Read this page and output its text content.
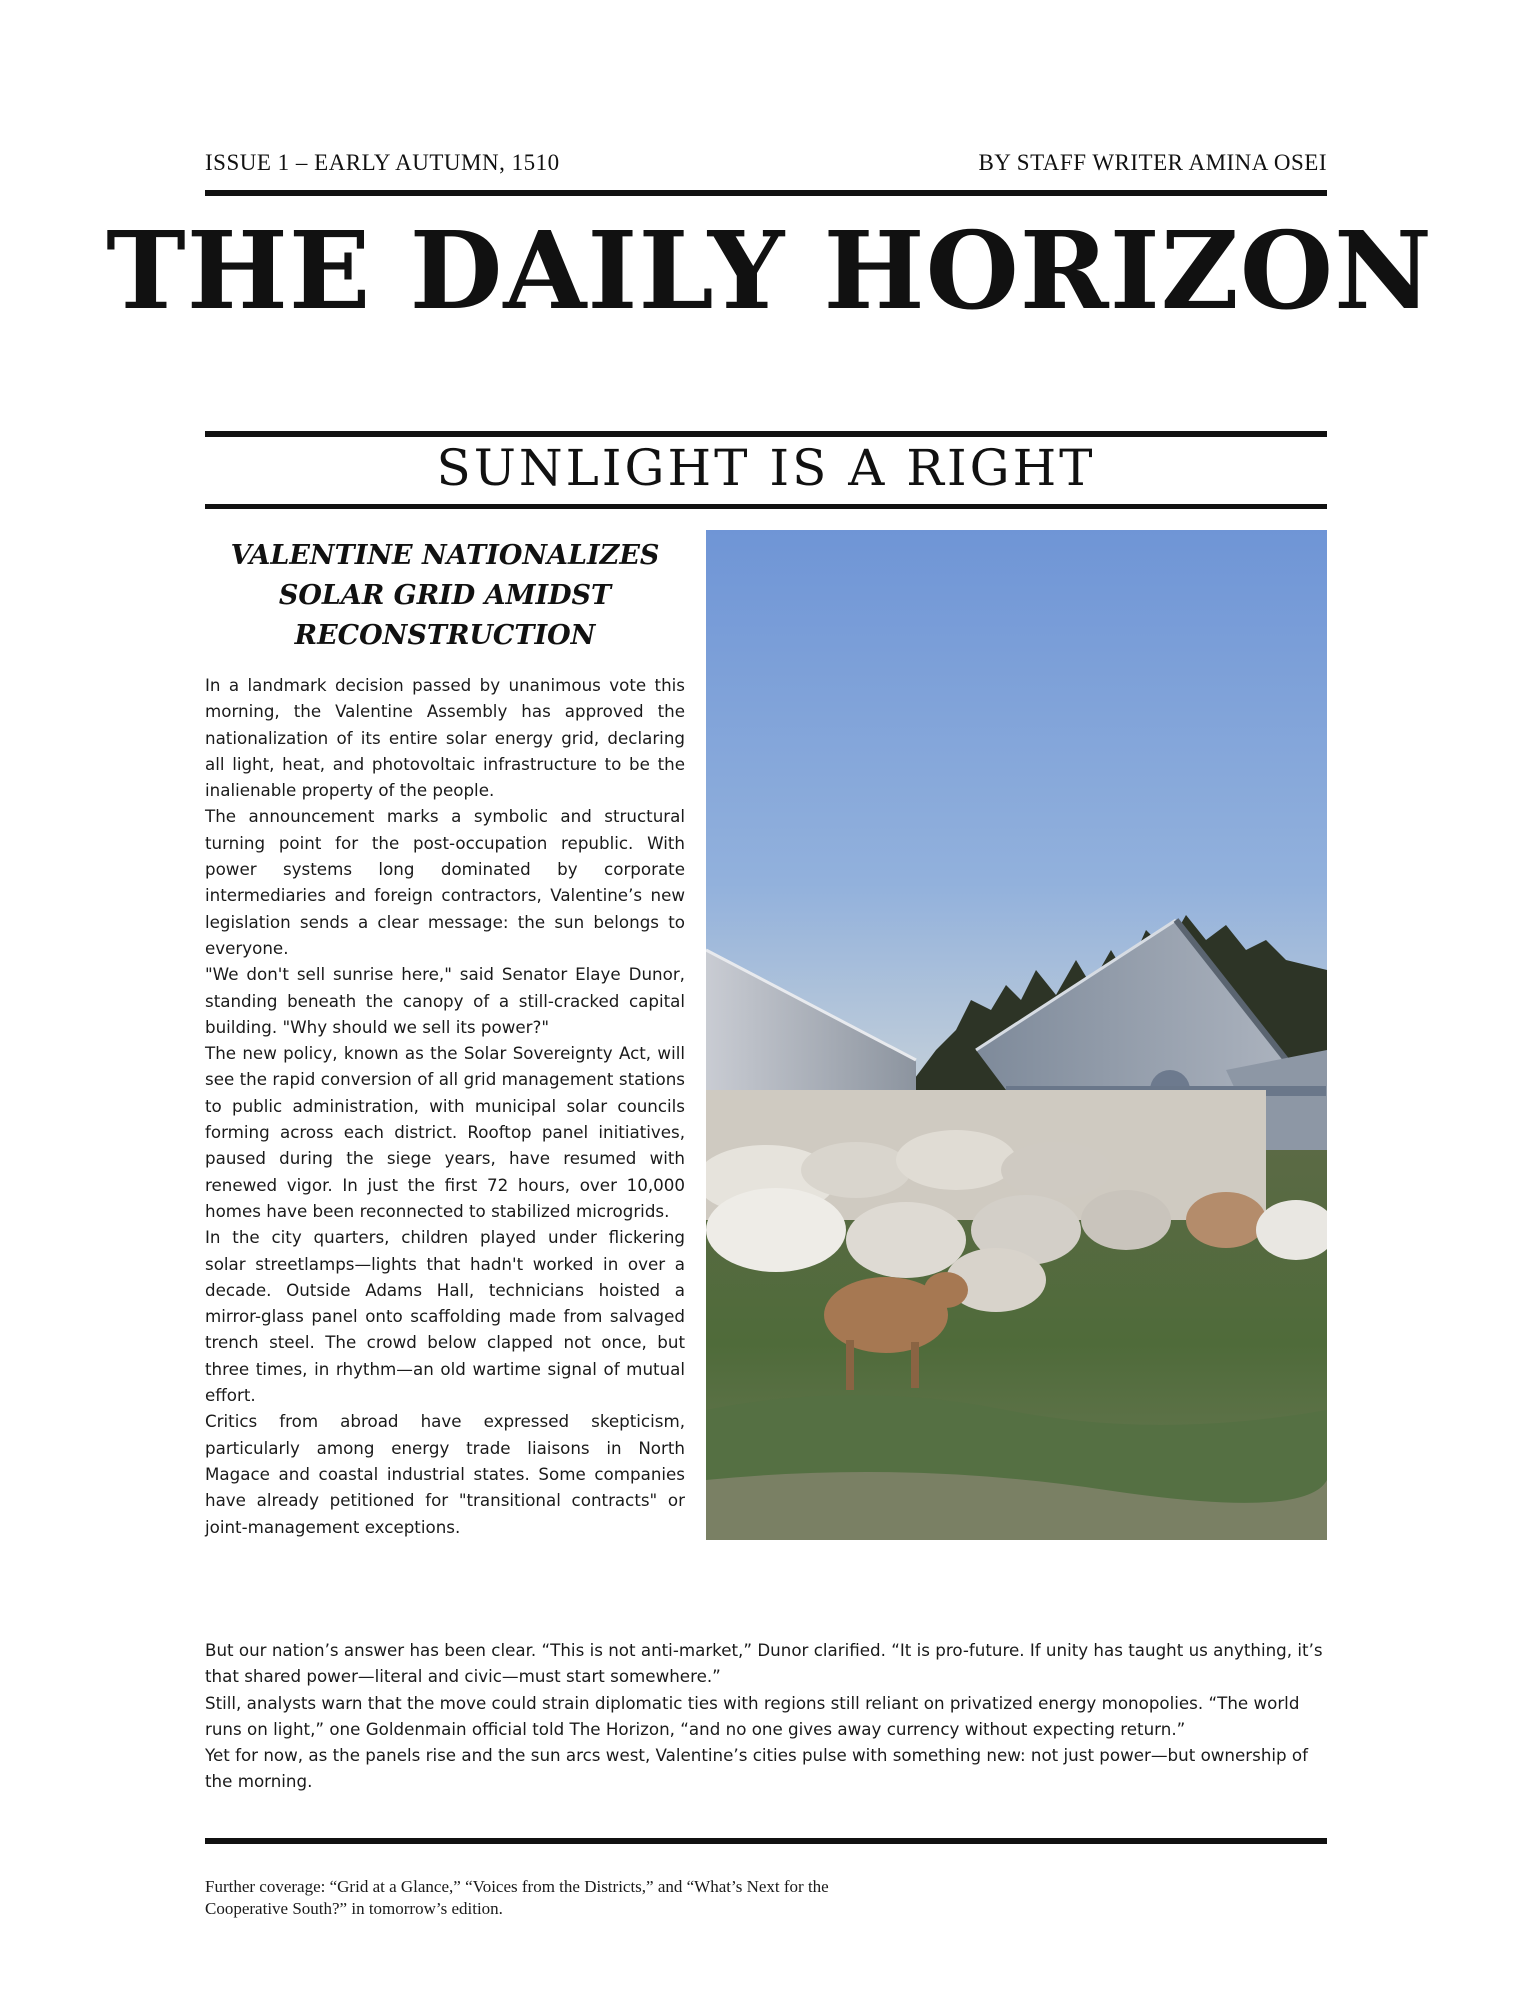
ISSUE 1 – EARLY AUTUMN, 1510	BY STAFF WRITER AMINA OSEI
THE DAILY HORIZON
SUNLIGHT IS A RIGHT
VALENTINE NATIONALIZES SOLAR GRID AMIDST RECONSTRUCTION

In a landmark decision passed by unanimous vote this morning, the Valentine Assembly has approved the nationalization of its entire solar energy grid, declaring all light, heat, and photovoltaic infrastructure to be the inalienable property of the people.

The announcement marks a symbolic and structural turning point for the post-occupation republic. With power systems long dominated by corporate intermediaries and foreign contractors, Valentine’s new legislation sends a clear message: the sun belongs to everyone.

"We don't sell sunrise here," said Senator Elaye Dunor, standing beneath the canopy of a still-cracked capital building. "Why should we sell its power?"

The new policy, known as the Solar Sovereignty Act, will see the rapid conversion of all grid management stations to public administration, with municipal solar councils forming across each district. Rooftop panel initiatives, paused during the siege years, have resumed with renewed vigor. In just the first 72 hours, over 10,000 homes have been reconnected to stabilized microgrids.

In the city quarters, children played under flickering solar streetlamps—lights that hadn't worked in over a decade. Outside Adams Hall, technicians hoisted a mirror-glass panel onto scaffolding made from salvaged trench steel. The crowd below clapped not once, but three times, in rhythm—an old wartime signal of mutual effort.

Critics from abroad have expressed skepticism, particularly among energy trade liaisons in North Magace and coastal industrial states. Some companies have already petitioned for "transitional contracts" or joint-management exceptions.

But our nation’s answer has been clear. “This is not anti-market,” Dunor clarified. “It is pro-future. If unity has taught us anything, it’s that shared power—literal and civic—must start somewhere.”

Still, analysts warn that the move could strain diplomatic ties with regions still reliant on privatized energy monopolies. “The world runs on light,” one Goldenmain official told The Horizon, “and no one gives away currency without expecting return.”

Yet for now, as the panels rise and the sun arcs west, Valentine’s cities pulse with something new: not just power—but ownership of the morning.

Further coverage: “Grid at a Glance,” “Voices from the Districts,” and “What’s Next for the
Cooperative South?” in tomorrow’s edition.
